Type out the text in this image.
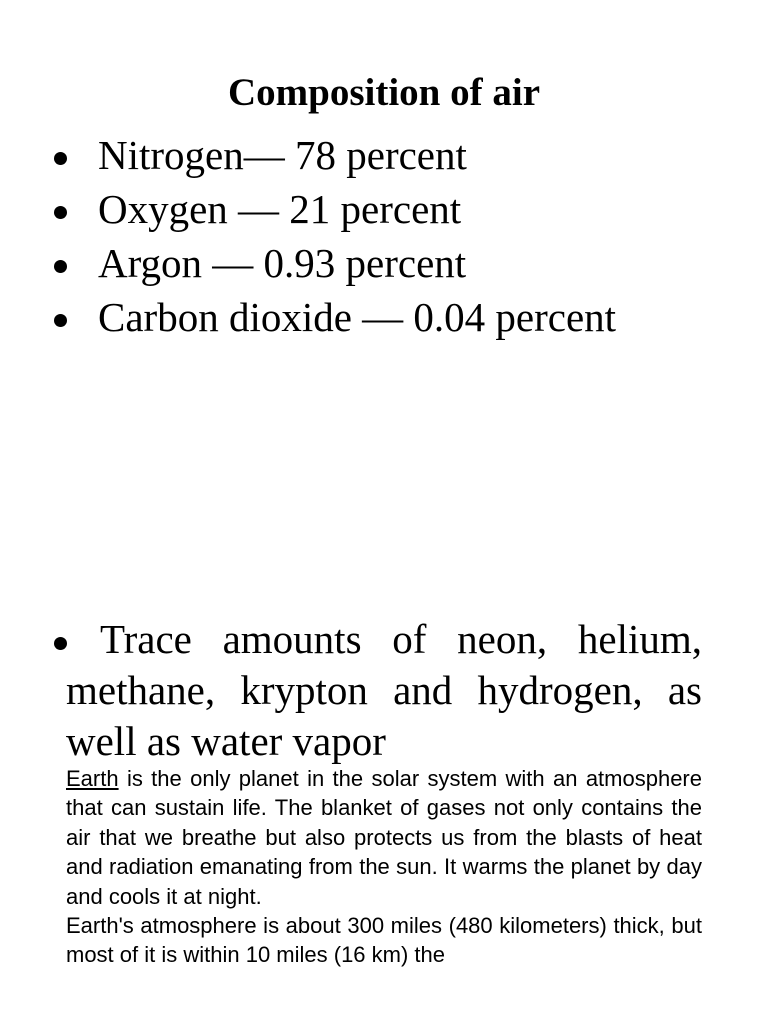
Composition of air
Nitrogen— 78 percent
Oxygen — 21 percent
Argon — 0.93 percent
Carbon dioxide — 0.04 percent
Trace amounts of neon, helium, methane, krypton and hydrogen, as well as water vapor

Earth is the only planet in the solar system with an atmosphere that can sustain life. The blanket of gases not only contains the air that we breathe but also protects us from the blasts of heat and radiation emanating from the sun. It warms the planet by day and cools it at night.

Earth's atmosphere is about 300 miles (480 kilometers) thick, but most of it is within 10 miles (16 km) the
